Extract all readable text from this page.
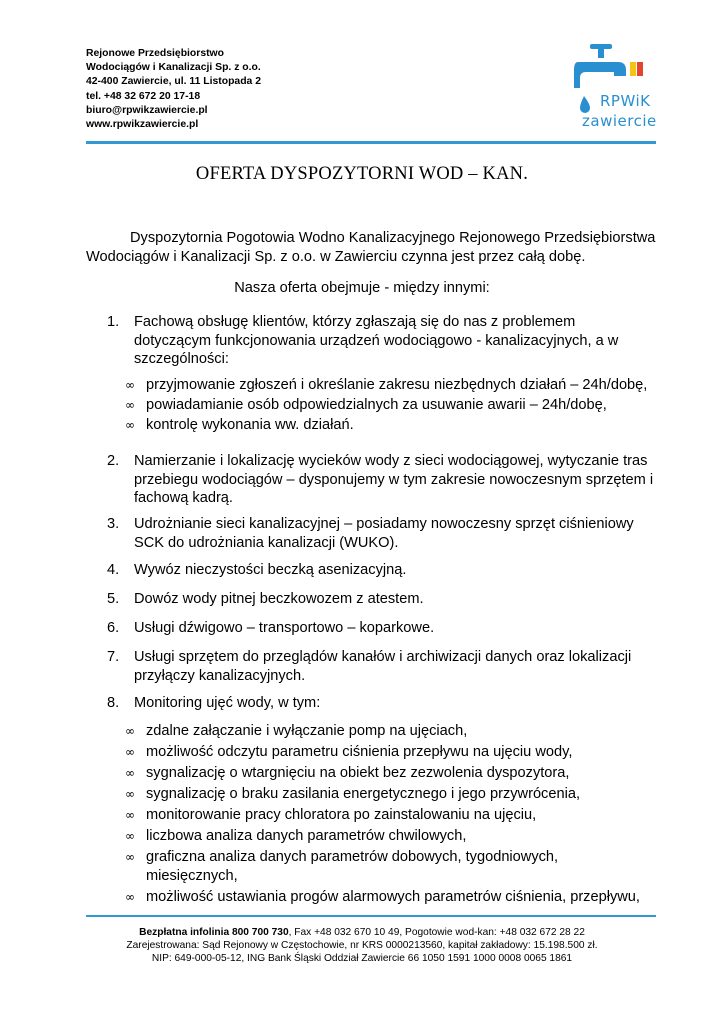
Rejonowe Przedsiębiorstwo
Wodociągów i Kanalizacji Sp. z o.o.
42-400 Zawiercie, ul. 11 Listopada 2
tel. +48 32 672 20 17-18
biuro@rpwikzawiercie.pl
www.rpwikzawiercie.pl
RPWiK
zawiercie
OFERTA DYSPOZYTORNI WOD – KAN.
Dyspozytornia Pogotowia Wodno Kanalizacyjnego Rejonowego Przedsiębiorstwa
Wodociągów i Kanalizacji Sp. z o.o. w Zawierciu czynna jest przez całą dobę.
Nasza oferta obejmuje - między innymi:
1.	Fachową obsługę klientów, którzy zgłaszają się do nas z problemem
dotyczącym funkcjonowania urządzeń wodociągowo - kanalizacyjnych, a w
szczególności:
∞ przyjmowanie zgłoszeń i określanie zakresu niezbędnych działań – 24h/dobę,
∞ powiadamianie osób odpowiedzialnych za usuwanie awarii – 24h/dobę,
∞ kontrolę wykonania ww. działań.
2.	Namierzanie i lokalizację wycieków wody z sieci wodociągowej, wytyczanie tras
przebiegu wodociągów – dysponujemy w tym zakresie nowoczesnym sprzętem i
fachową kadrą.
3.	Udrożnianie sieci kanalizacyjnej – posiadamy nowoczesny sprzęt ciśnieniowy
SCK do udrożniania kanalizacji (WUKO).
4.	Wywóz nieczystości beczką asenizacyjną.
5.	Dowóz wody pitnej beczkowozem z atestem.
6.	Usługi dźwigowo – transportowo – koparkowe.
7.	Usługi sprzętem do przeglądów kanałów i archiwizacji danych oraz lokalizacji
przyłączy kanalizacyjnych.
8.	Monitoring ujęć wody, w tym:
∞ zdalne załączanie i wyłączanie pomp na ujęciach,
∞ możliwość odczytu parametru ciśnienia przepływu na ujęciu wody,
∞ sygnalizację o wtargnięciu na obiekt bez zezwolenia dyspozytora,
∞ sygnalizację o braku zasilania energetycznego i jego przywrócenia,
∞ monitorowanie pracy chloratora po zainstalowaniu na ujęciu,
∞ liczbowa analiza danych parametrów chwilowych,
∞ graficzna analiza danych parametrów dobowych, tygodniowych,
miesięcznych,
∞ możliwość ustawiania progów alarmowych parametrów ciśnienia, przepływu,
Bezpłatna infolinia 800 700 730, Fax +48 032 670 10 49, Pogotowie wod-kan: +48 032 672 28 22
Zarejestrowana: Sąd Rejonowy w Częstochowie, nr KRS 0000213560, kapitał zakładowy: 15.198.500 zł.
NIP: 649-000-05-12, ING Bank Śląski Oddział Zawiercie 66 1050 1591 1000 0008 0065 1861
